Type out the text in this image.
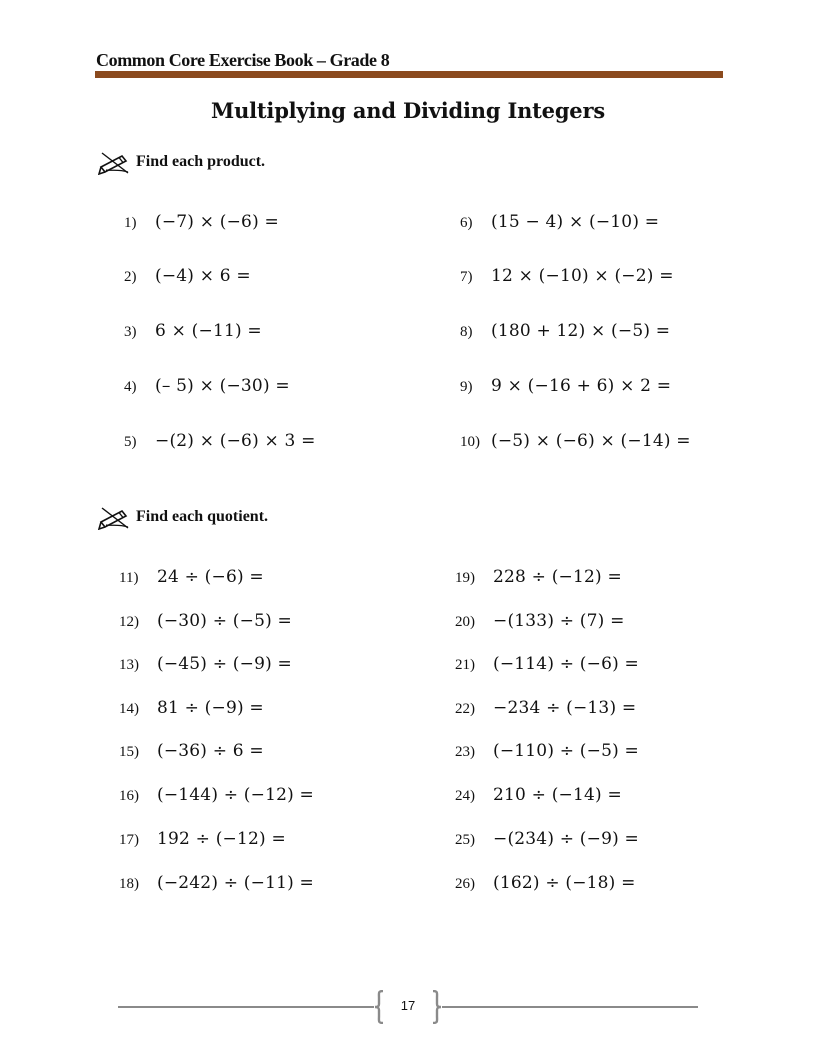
Common Core Exercise Book – Grade 8
Multiplying and Dividing Integers
Find each product.
Find each quotient.
1)	(−7) × (−6) =
2)	(−4) × 6 =
3)	6 × (−11) =
4)	(– 5) × (−30) =
5)	−(2) × (−6) × 3 =
6)	(15 − 4) × (−10) =
7)	12 × (−10) × (−2) =
8)	(180 + 12) × (−5) =
9)	9 × (−16 + 6) × 2 =
10) (−5) × (−6) × (−14) =
11)	24 ÷ (−6) =
12)	(−30) ÷ (−5) =
13)	(−45) ÷ (−9) =
14)	81 ÷ (−9) =
15)	(−36) ÷ 6 =
16)	(−144) ÷ (−12) =
17)	192 ÷ (−12) =
18)	(−242) ÷ (−11) =
19)	228 ÷ (−12) =
20)	−(133) ÷ (7) =
21)	(−114) ÷ (−6) =
22)	−234 ÷ (−13) =
23)	(−110) ÷ (−5) =
24)	210 ÷ (−14) =
25)	−(234) ÷ (−9) =
26)	(162) ÷ (−18) =
17
